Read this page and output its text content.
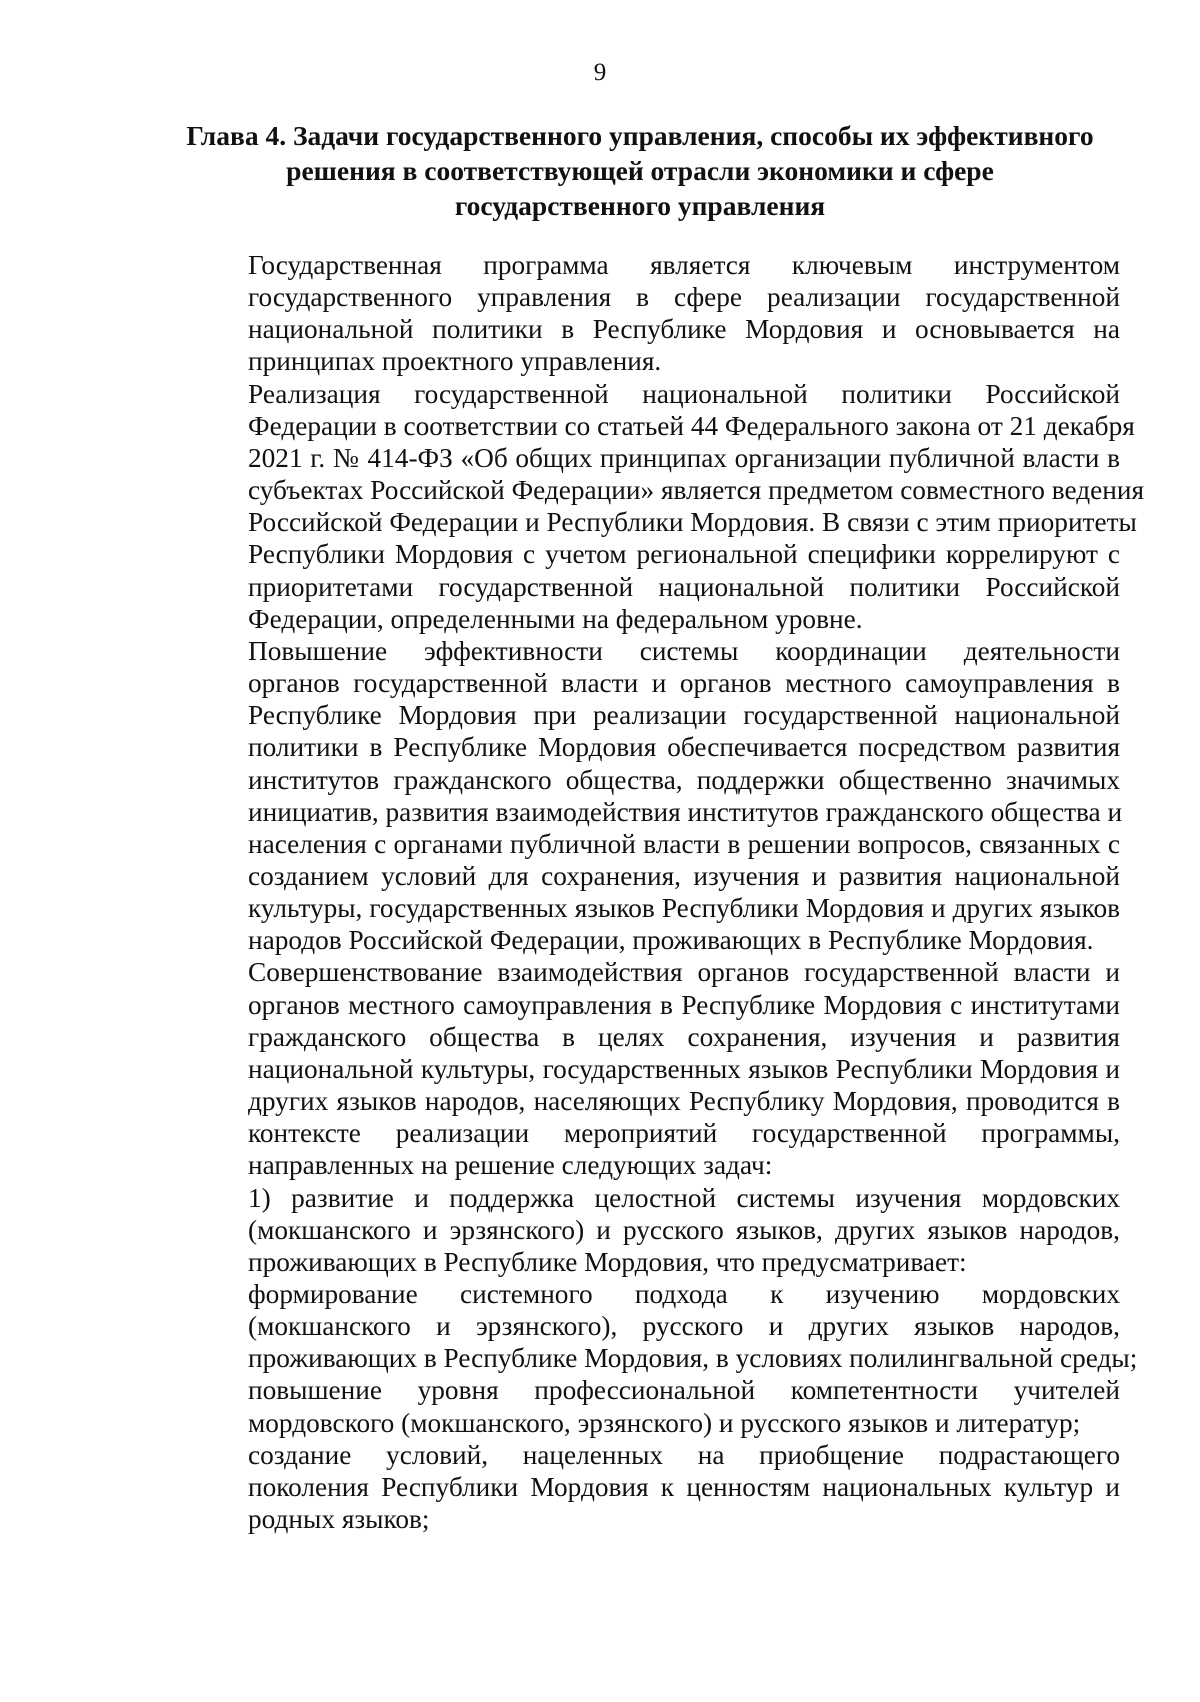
9
Глава 4. Задачи государственного управления, способы их эффективного
решения в соответствующей отрасли экономики и сфере
государственного управления

Государственная программа является ключевым инструментом
государственного управления в сфере реализации государственной
национальной политики в Республике Мордовия и основывается на
принципах проектного управления.

Реализация государственной национальной политики Российской
Федерации в соответствии со статьей 44 Федерального закона от 21 декабря
2021 г. № 414-ФЗ «Об общих принципах организации публичной власти в
субъектах Российской Федерации» является предметом совместного ведения
Российской Федерации и Республики Мордовия. В связи с этим приоритеты
Республики Мордовия с учетом региональной специфики коррелируют с
приоритетами государственной национальной политики Российской
Федерации, определенными на федеральном уровне.

Повышение эффективности системы координации деятельности
органов государственной власти и органов местного самоуправления в
Республике Мордовия при реализации государственной национальной
политики в Республике Мордовия обеспечивается посредством развития
институтов гражданского общества, поддержки общественно значимых
инициатив, развития взаимодействия институтов гражданского общества и
населения с органами публичной власти в решении вопросов, связанных с
созданием условий для сохранения, изучения и развития национальной
культуры, государственных языков Республики Мордовия и других языков
народов Российской Федерации, проживающих в Республике Мордовия.

Совершенствование взаимодействия органов государственной власти и
органов местного самоуправления в Республике Мордовия с институтами
гражданского общества в целях сохранения, изучения и развития
национальной культуры, государственных языков Республики Мордовия и
других языков народов, населяющих Республику Мордовия, проводится в
контексте реализации мероприятий государственной программы,
направленных на решение следующих задач:

1) развитие и поддержка целостной системы изучения мордовских
(мокшанского и эрзянского) и русского языков, других языков народов,
проживающих в Республике Мордовия, что предусматривает:

формирование системного подхода к изучению мордовских
(мокшанского и эрзянского), русского и других языков народов,
проживающих в Республике Мордовия, в условиях полилингвальной среды;

повышение уровня профессиональной компетентности учителей
мордовского (мокшанского, эрзянского) и русского языков и литератур;

создание условий, нацеленных на приобщение подрастающего
поколения Республики Мордовия к ценностям национальных культур и
родных языков;
